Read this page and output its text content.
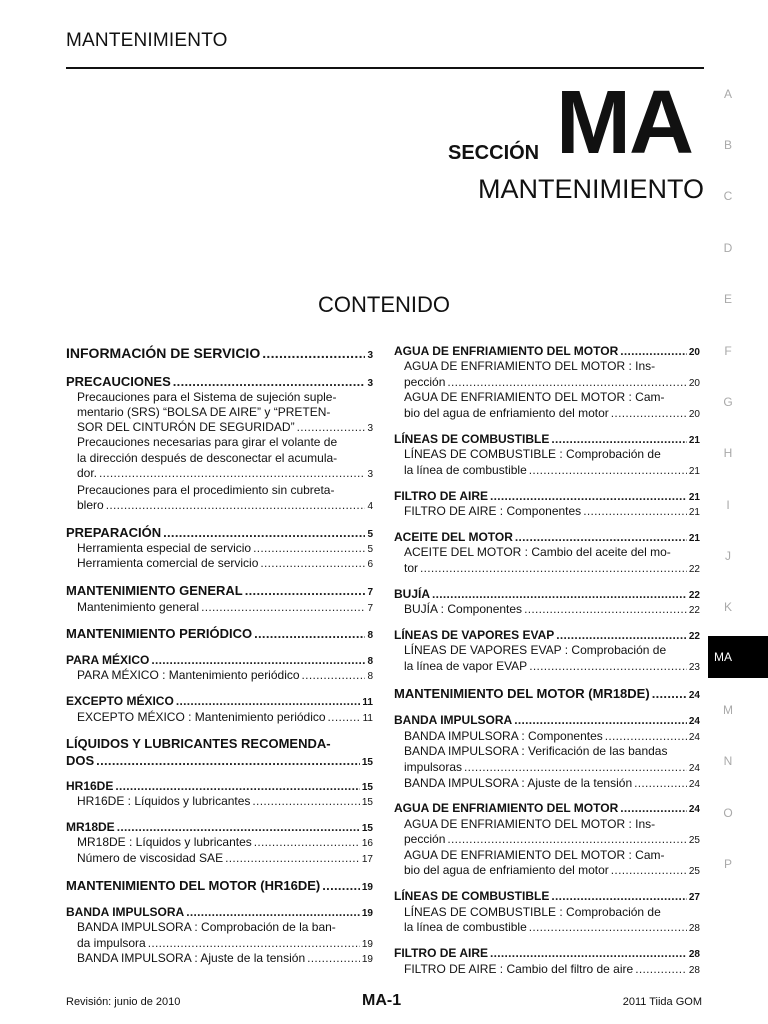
MANTENIMIENTO
SECCIÓN MA
MANTENIMIENTO
CONTENIDO
INFORMACIÓN DE SERVICIO .....	3
PRECAUCIONES .....	3
Precauciones para el Sistema de sujeción suple-
mentario (SRS) “BOLSA DE AIRE” y “PRETEN-
SOR DEL CINTURÓN DE SEGURIDAD” .....	3
Precauciones necesarias para girar el volante de
la dirección después de desconectar el acumula-
dor. .....	3
Precauciones para el procedimiento sin cubreta-
blero .....	4
PREPARACIÓN .....	5
Herramienta especial de servicio .....	5
Herramienta comercial de servicio .....	6
MANTENIMIENTO GENERAL .....	7
Mantenimiento general .....	7
MANTENIMIENTO PERIÓDICO .....	8
PARA MÉXICO .....	8
PARA MÉXICO : Mantenimiento periódico .....	8
EXCEPTO MÉXICO .....	11
EXCEPTO MÉXICO : Mantenimiento periódico .....	11
LÍQUIDOS Y LUBRICANTES RECOMENDA-
DOS .....	15
HR16DE .....	15
HR16DE : Líquidos y lubricantes .....	15
MR18DE .....	15
MR18DE : Líquidos y lubricantes .....	16
Número de viscosidad SAE .....	17
MANTENIMIENTO DEL MOTOR (HR16DE) .....	19
BANDA IMPULSORA .....	19
BANDA IMPULSORA : Comprobación de la ban-
da impulsora .....	19
BANDA IMPULSORA : Ajuste de la tensión .....	19
AGUA DE ENFRIAMIENTO DEL MOTOR .....	20
AGUA DE ENFRIAMIENTO DEL MOTOR : Ins-
pección .....	20
AGUA DE ENFRIAMIENTO DEL MOTOR : Cam-
bio del agua de enfriamiento del motor .....	20
LÍNEAS DE COMBUSTIBLE .....	21
LÍNEAS DE COMBUSTIBLE : Comprobación de
la línea de combustible .....	21
FILTRO DE AIRE .....	21
FILTRO DE AIRE : Componentes .....	21
ACEITE DEL MOTOR .....	21
ACEITE DEL MOTOR : Cambio del aceite del mo-
tor .....	22
BUJÍA .....	22
BUJÍA : Componentes .....	22
LÍNEAS DE VAPORES EVAP .....	22
LÍNEAS DE VAPORES EVAP : Comprobación de
la línea de vapor EVAP .....	23
MANTENIMIENTO DEL MOTOR (MR18DE) .....	24
BANDA IMPULSORA .....	24
BANDA IMPULSORA : Componentes .....	24
BANDA IMPULSORA : Verificación de las bandas
impulsoras .....	24
BANDA IMPULSORA : Ajuste de la tensión .....	24
AGUA DE ENFRIAMIENTO DEL MOTOR .....	24
AGUA DE ENFRIAMIENTO DEL MOTOR : Ins-
pección .....	25
AGUA DE ENFRIAMIENTO DEL MOTOR : Cam-
bio del agua de enfriamiento del motor .....	25
LÍNEAS DE COMBUSTIBLE .....	27
LÍNEAS DE COMBUSTIBLE : Comprobación de
la línea de combustible .....	28
FILTRO DE AIRE .....	28
FILTRO DE AIRE : Cambio del filtro de aire .....	28
A
B
C
D
E
F
G
H
I
J
K
MA
M
N
O
P
Revisión: junio de 2010	MA-1	2011 Tiida GOM
